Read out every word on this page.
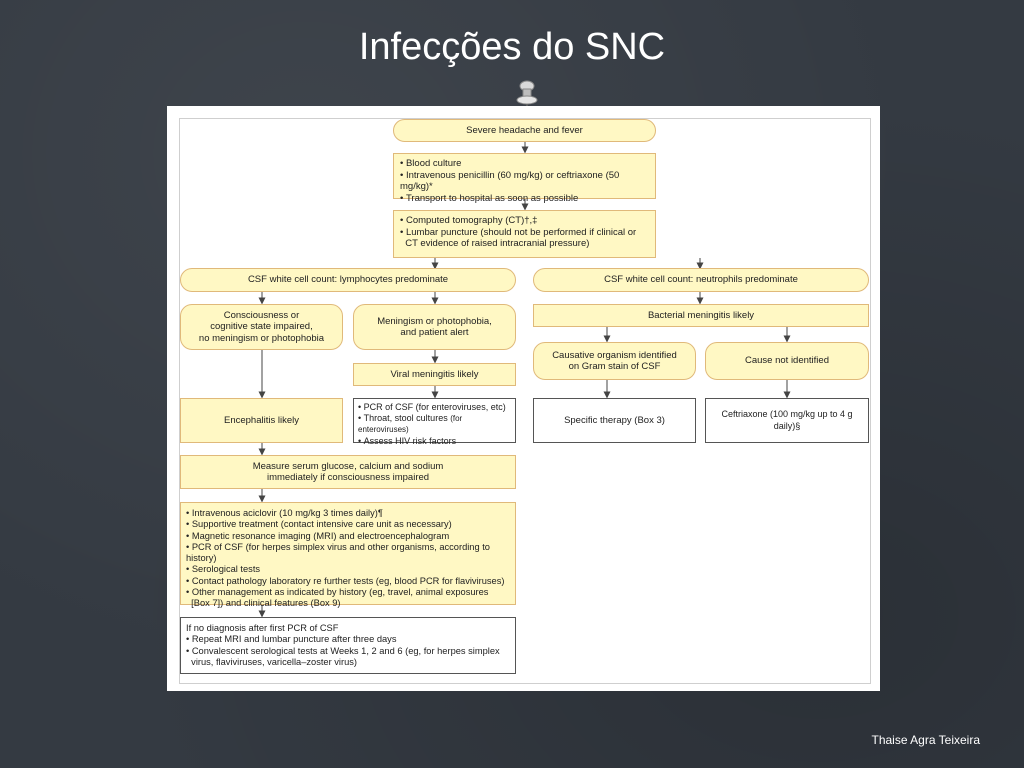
Infecções do SNC
Severe headache and fever
• Blood culture
• Intravenous penicillin (60 mg/kg) or ceftriaxone (50 mg/kg)*
• Transport to hospital as soon as possible
• Computed tomography (CT)†,‡
• Lumbar puncture (should not be performed if clinical or
CT evidence of raised intracranial pressure)
CSF white cell count: lymphocytes predominate	CSF white cell count: neutrophils predominate
Consciousness or
cognitive state impaired,
no meningism or photophobia
Meningism or photophobia,
and patient alert
Bacterial meningitis likely
Causative organism identified
on Gram stain of CSF
Cause not identified
Viral meningitis likely
Encephalitis likely
• PCR of CSF (for enteroviruses, etc)
• Throat, stool cultures (for enteroviruses)
• Assess HIV risk factors
Specific therapy (Box 3)
Ceftriaxone (100 mg/kg up to 4 g daily)§
Measure serum glucose, calcium and sodium
immediately if consciousness impaired
• Intravenous aciclovir (10 mg/kg 3 times daily)¶
• Supportive treatment (contact intensive care unit as necessary)
• Magnetic resonance imaging (MRI) and electroencephalogram
• PCR of CSF (for herpes simplex virus and other organisms, according to history)
• Serological tests
• Contact pathology laboratory re further tests (eg, blood PCR for flaviviruses)
• Other management as indicated by history (eg, travel, animal exposures
[Box 7]) and clinical features (Box 9)
If no diagnosis after first PCR of CSF
• Repeat MRI and lumbar puncture after three days
• Convalescent serological tests at Weeks 1, 2 and 6 (eg, for herpes simplex
virus, flaviviruses, varicella–zoster virus)
Thaise Agra Teixeira
